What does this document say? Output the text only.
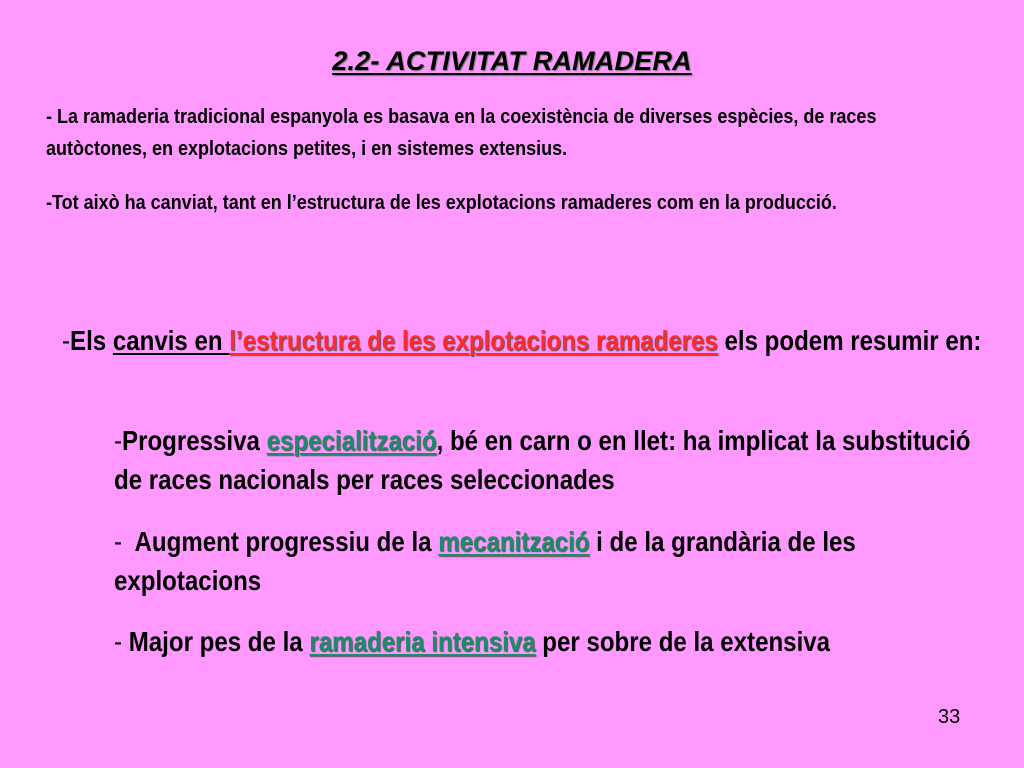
2.2- ACTIVITAT RAMADERA
- La ramaderia tradicional espanyola es basava en la coexistència de diverses espècies, de races autòctones, en explotacions petites, i en sistemes extensius.
-Tot això ha canviat, tant en l’estructura de les explotacions ramaderes com en la producció.
-Els canvis en l’estructura de les explotacions ramaderes els podem resumir en:
-Progressiva especialització, bé en carn o en llet: ha implicat la substitució de races nacionals per races seleccionades
-  Augment progressiu de la mecanització i de la grandària de les explotacions
- Major pes de la ramaderia intensiva per sobre de la extensiva
33
